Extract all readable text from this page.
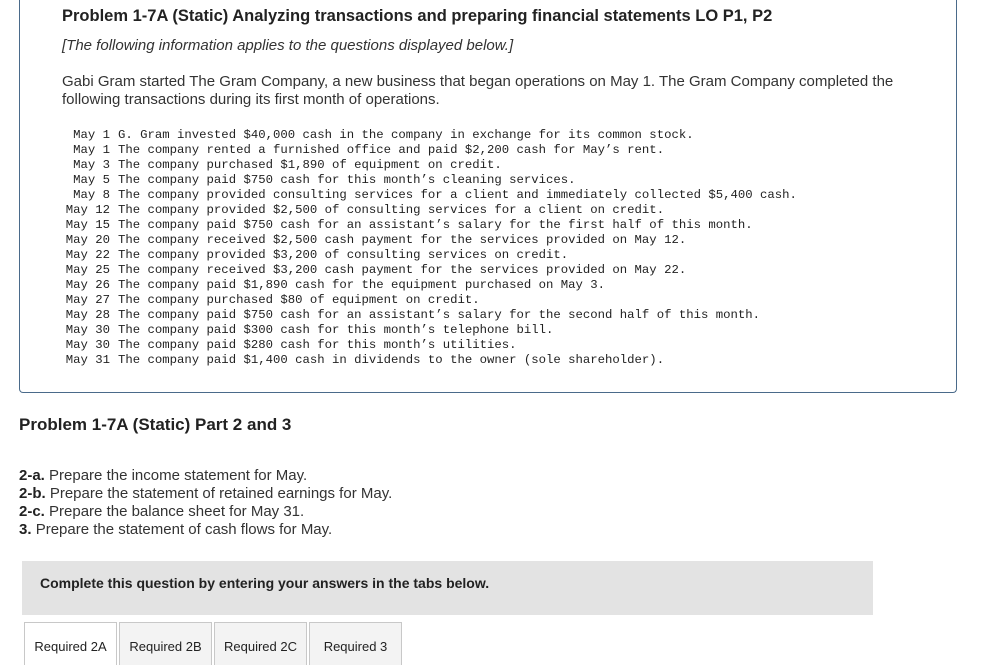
Problem 1-7A (Static) Analyzing transactions and preparing financial statements LO P1, P2
[The following information applies to the questions displayed below.]
Gabi Gram started The Gram Company, a new business that began operations on May 1. The Gram Company completed the following transactions during its first month of operations.
May 1 G. Gram invested $40,000 cash in the company in exchange for its common stock.
May 1 The company rented a furnished office and paid $2,200 cash for May’s rent.
May 3 The company purchased $1,890 of equipment on credit.
May 5 The company paid $750 cash for this month’s cleaning services.
May 8 The company provided consulting services for a client and immediately collected $5,400 cash.
May 12 The company provided $2,500 of consulting services for a client on credit.
May 15 The company paid $750 cash for an assistant’s salary for the first half of this month.
May 20 The company received $2,500 cash payment for the services provided on May 12.
May 22 The company provided $3,200 of consulting services on credit.
May 25 The company received $3,200 cash payment for the services provided on May 22.
May 26 The company paid $1,890 cash for the equipment purchased on May 3.
May 27 The company purchased $80 of equipment on credit.
May 28 The company paid $750 cash for an assistant’s salary for the second half of this month.
May 30 The company paid $300 cash for this month’s telephone bill.
May 30 The company paid $280 cash for this month’s utilities.
May 31 The company paid $1,400 cash in dividends to the owner (sole shareholder).
Problem 1-7A (Static) Part 2 and 3
2-a. Prepare the income statement for May.
2-b. Prepare the statement of retained earnings for May.
2-c. Prepare the balance sheet for May 31.
3. Prepare the statement of cash flows for May.
Complete this question by entering your answers in the tabs below.
Required 2A	Required 2B	Required 2C	Required 3
